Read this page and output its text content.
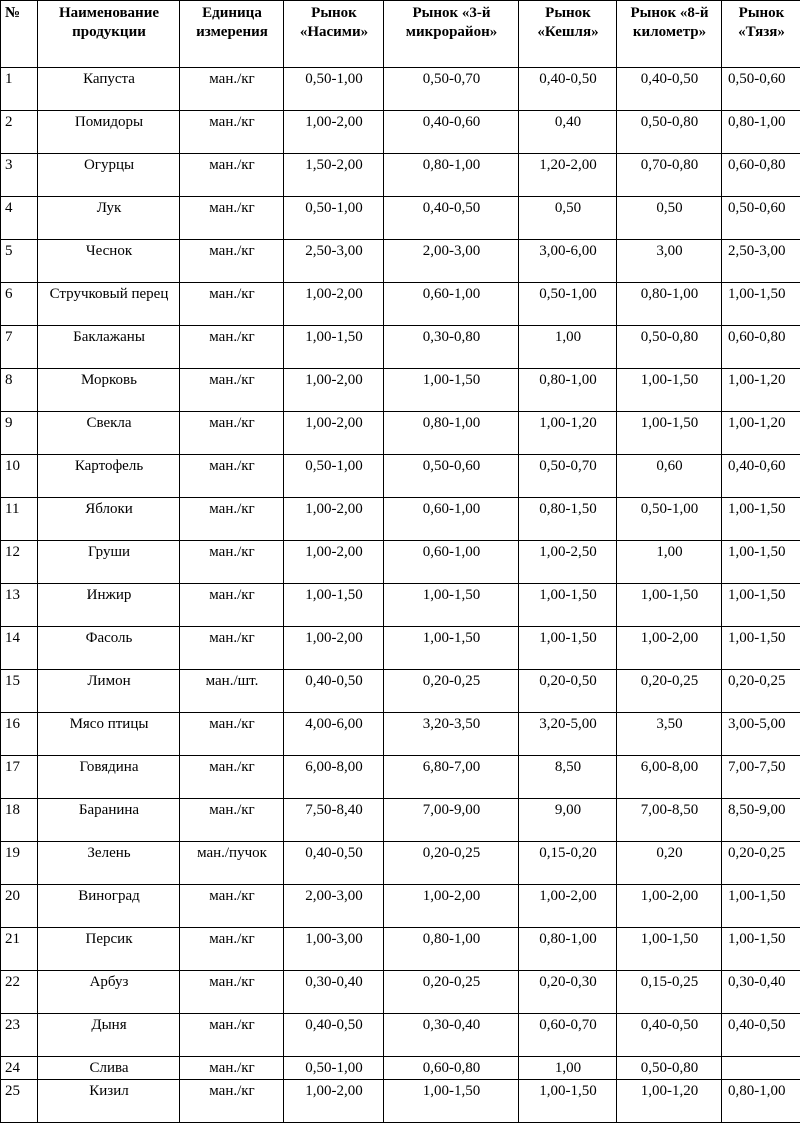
№	Наименование продукции	Единица измерения	Рынок «Насими»	Рынок «3-й микрорайон»	Рынок «Кешля»	Рынок «8-й километр»	Рынок «Тязя»
1	Капуста	ман./кг	0,50-1,00	0,50-0,70	0,40-0,50	0,40-0,50	0,50-0,60
2	Помидоры	ман./кг	1,00-2,00	0,40-0,60	0,40	0,50-0,80	0,80-1,00
3	Огурцы	ман./кг	1,50-2,00	0,80-1,00	1,20-2,00	0,70-0,80	0,60-0,80
4	Лук	ман./кг	0,50-1,00	0,40-0,50	0,50	0,50	0,50-0,60
5	Чеснок	ман./кг	2,50-3,00	2,00-3,00	3,00-6,00	3,00	2,50-3,00
6	Стручковый перец	ман./кг	1,00-2,00	0,60-1,00	0,50-1,00	0,80-1,00	1,00-1,50
7	Баклажаны	ман./кг	1,00-1,50	0,30-0,80	1,00	0,50-0,80	0,60-0,80
8	Морковь	ман./кг	1,00-2,00	1,00-1,50	0,80-1,00	1,00-1,50	1,00-1,20
9	Свекла	ман./кг	1,00-2,00	0,80-1,00	1,00-1,20	1,00-1,50	1,00-1,20
10	Картофель	ман./кг	0,50-1,00	0,50-0,60	0,50-0,70	0,60	0,40-0,60
11	Яблоки	ман./кг	1,00-2,00	0,60-1,00	0,80-1,50	0,50-1,00	1,00-1,50
12	Груши	ман./кг	1,00-2,00	0,60-1,00	1,00-2,50	1,00	1,00-1,50
13	Инжир	ман./кг	1,00-1,50	1,00-1,50	1,00-1,50	1,00-1,50	1,00-1,50
14	Фасоль	ман./кг	1,00-2,00	1,00-1,50	1,00-1,50	1,00-2,00	1,00-1,50
15	Лимон	ман./шт.	0,40-0,50	0,20-0,25	0,20-0,50	0,20-0,25	0,20-0,25
16	Мясо птицы	ман./кг	4,00-6,00	3,20-3,50	3,20-5,00	3,50	3,00-5,00
17	Говядина	ман./кг	6,00-8,00	6,80-7,00	8,50	6,00-8,00	7,00-7,50
18	Баранина	ман./кг	7,50-8,40	7,00-9,00	9,00	7,00-8,50	8,50-9,00
19	Зелень	ман./пучок	0,40-0,50	0,20-0,25	0,15-0,20	0,20	0,20-0,25
20	Виноград	ман./кг	2,00-3,00	1,00-2,00	1,00-2,00	1,00-2,00	1,00-1,50
21	Персик	ман./кг	1,00-3,00	0,80-1,00	0,80-1,00	1,00-1,50	1,00-1,50
22	Арбуз	ман./кг	0,30-0,40	0,20-0,25	0,20-0,30	0,15-0,25	0,30-0,40
23	Дыня	ман./кг	0,40-0,50	0,30-0,40	0,60-0,70	0,40-0,50	0,40-0,50
24	Слива	ман./кг	0,50-1,00	0,60-0,80	1,00	0,50-0,80	
25	Кизил	ман./кг	1,00-2,00	1,00-1,50	1,00-1,50	1,00-1,20	0,80-1,00
